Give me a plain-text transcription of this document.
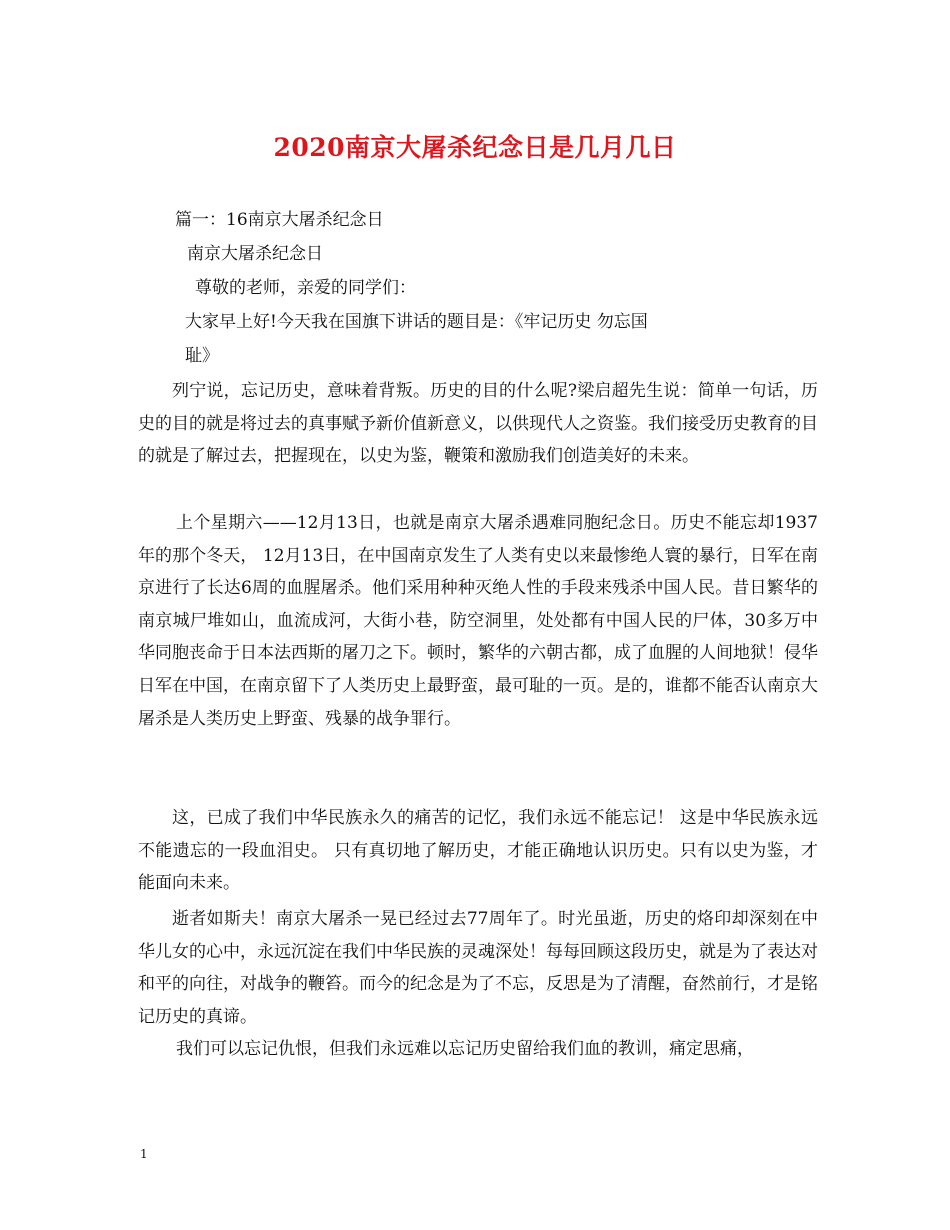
2020南京大屠杀纪念日是几月几日
篇一：16南京大屠杀纪念日
南京大屠杀纪念日
尊敬的老师，亲爱的同学们：
大家早上好!今天我在国旗下讲话的题目是：《牢记历史 勿忘国
耻》
列宁说，忘记历史，意味着背叛。历史的目的什么呢?梁启超先生说：简单一句话，历史的目的就是将过去的真事赋予新价值新意义，以供现代人之资鉴。我们接受历史教育的目的就是了解过去，把握现在，以史为鉴，鞭策和激励我们创造美好的未来。
上个星期六——12月13日，也就是南京大屠杀遇难同胞纪念日。历史不能忘却1937年的那个冬天， 12月13日，在中国南京发生了人类有史以来最惨绝人寰的暴行，日军在南京进行了长达6周的血腥屠杀。他们采用种种灭绝人性的手段来残杀中国人民。昔日繁华的南京城尸堆如山，血流成河，大街小巷，防空洞里，处处都有中国人民的尸体，30多万中华同胞丧命于日本法西斯的屠刀之下。顿时，繁华的六朝古都，成了血腥的人间地狱！侵华日军在中国，在南京留下了人类历史上最野蛮，最可耻的一页。是的，谁都不能否认南京大屠杀是人类历史上野蛮、残暴的战争罪行。
这，已成了我们中华民族永久的痛苦的记忆，我们永远不能忘记！ 这是中华民族永远不能遗忘的一段血泪史。 只有真切地了解历史，才能正确地认识历史。只有以史为鉴，才能面向未来。
逝者如斯夫！南京大屠杀一晃已经过去77周年了。时光虽逝，历史的烙印却深刻在中华儿女的心中，永远沉淀在我们中华民族的灵魂深处！每每回顾这段历史，就是为了表达对和平的向往，对战争的鞭笞。而今的纪念是为了不忘，反思是为了清醒，奋然前行，才是铭记历史的真谛。
我们可以忘记仇恨，但我们永远难以忘记历史留给我们血的教训，痛定思痛，
1
